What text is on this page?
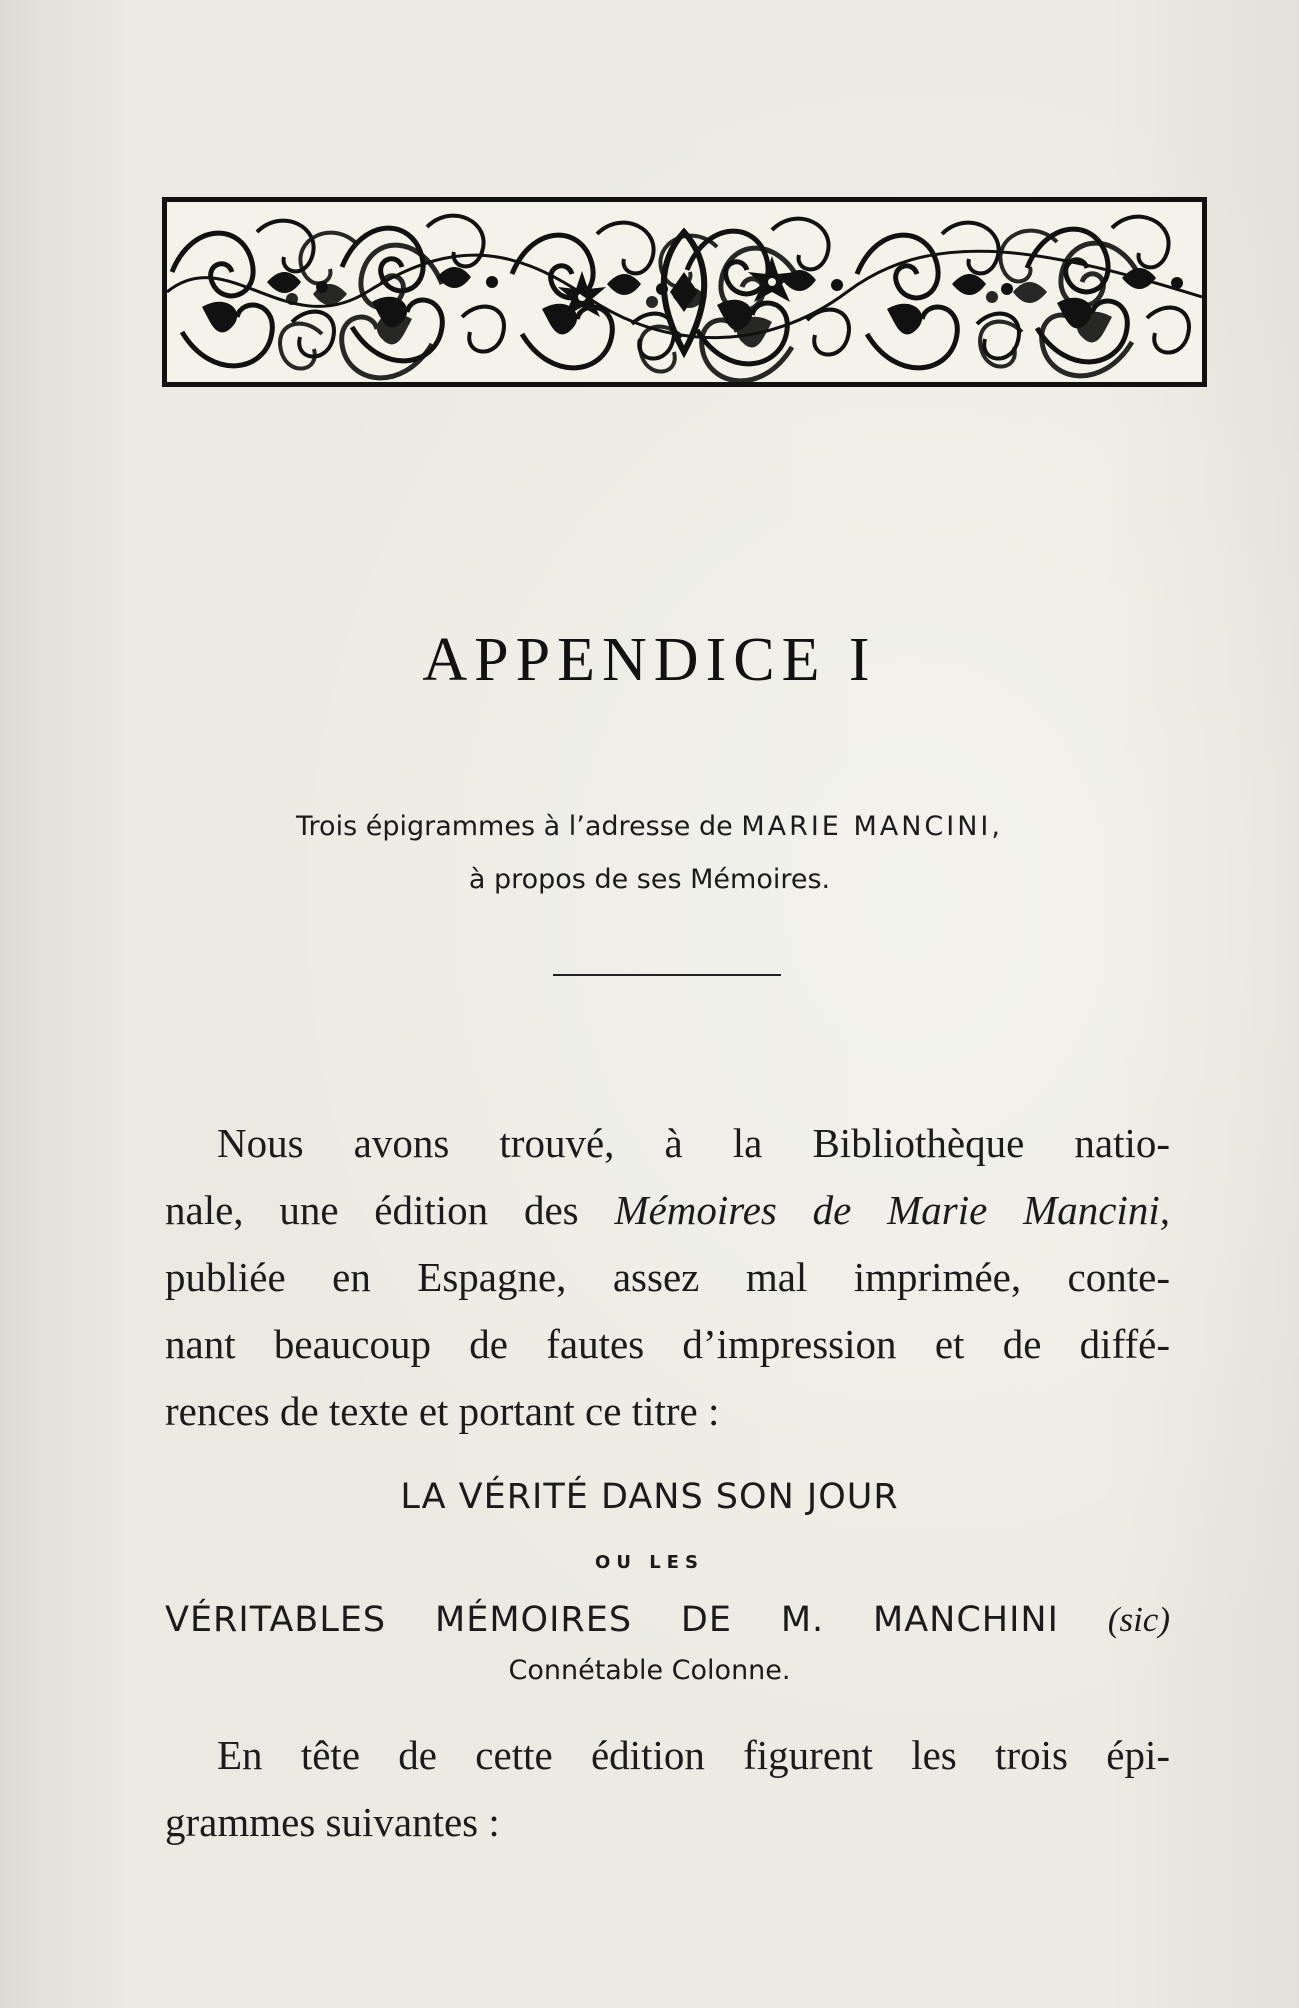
APPENDICE I
Trois épigrammes à l’adresse de MARIE MANCINI,
à propos de ses Mémoires.
Nous avons trouvé, à la Bibliothèque natio-
nale, une édition des Mémoires de Marie Mancini,
publiée en Espagne, assez mal imprimée, conte-
nant beaucoup de fautes d’impression et de diffé-
rences de texte et portant ce titre :
LA VÉRITÉ DANS SON JOUR
OU LES
VÉRITABLES MÉMOIRES DE M. MANCHINI (sic)
Connétable Colonne.
En tête de cette édition figurent les trois épi-
grammes suivantes :
